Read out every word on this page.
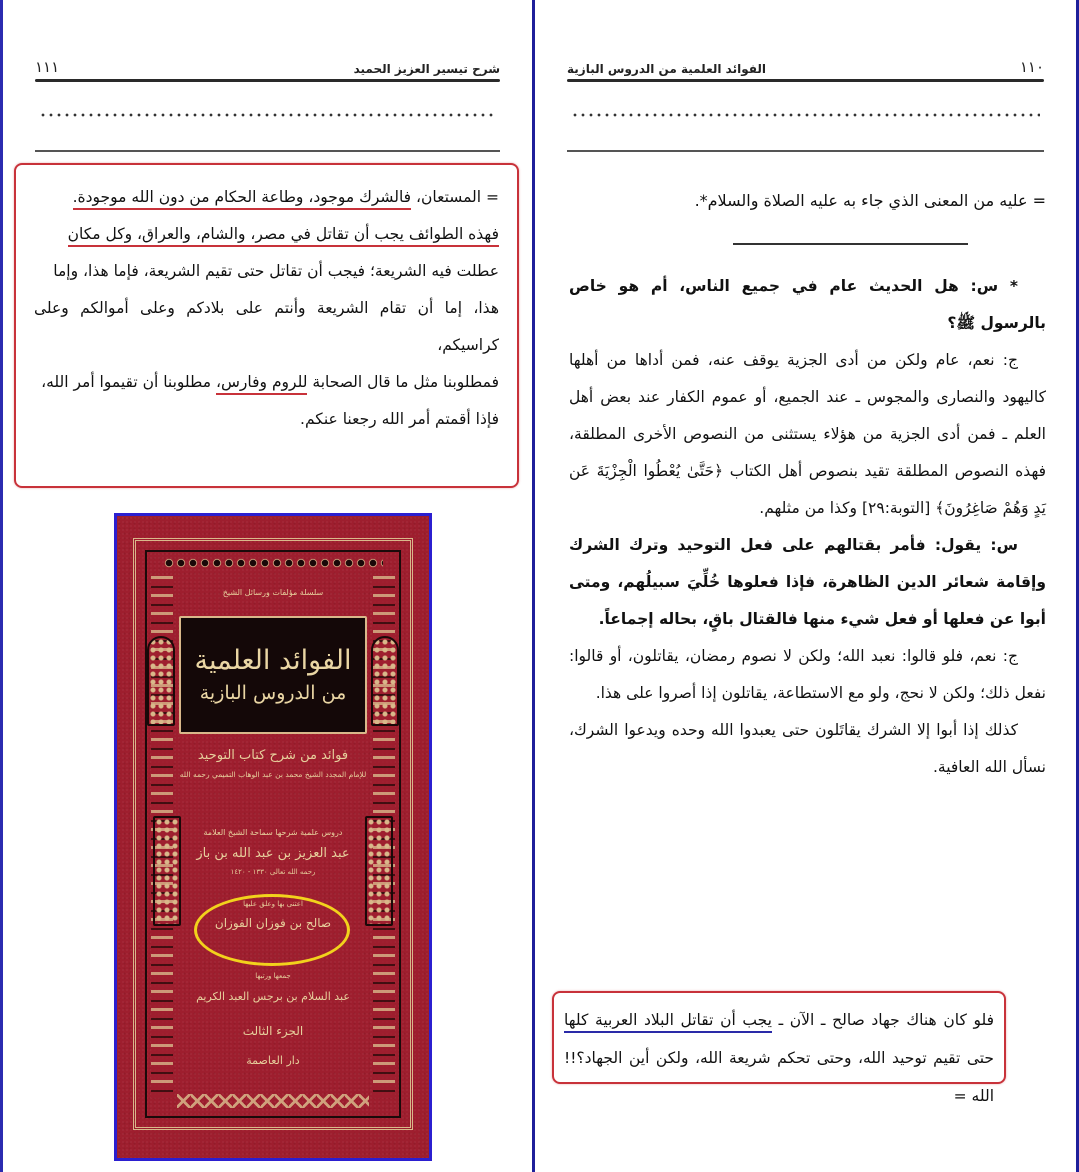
١١١	شرح تيسير العزيز الحميد

= المستعان، فالشرك موجود، وطاعة الحكام من دون الله موجودة.

فهذه الطوائف يجب أن تقاتل في مصر، والشام، والعراق، وكل مكان

عطلت فيه الشريعة؛ فيجب أن تقاتل حتى تقيم الشريعة، فإما هذا، وإما

هذا، إما أن تقام الشريعة وأنتم على بلادكم وعلى أموالكم وعلى كراسيكم،

فمطلوبنا مثل ما قال الصحابة للروم وفارس، مطلوبنا أن تقيموا أمر الله،

فإذا أقمتم أمر الله رجعنا عنكم.

سلسلة مؤلفات ورسائل الشيخ
الفوائد العلمية
من الدروس البازية
فوائد من شرح كتاب التوحيد
للإمام المجدد الشيخ محمد بن عبد الوهاب التميمي رحمه الله
دروس علمية شرحها سماحة الشيخ العلامة
عبد العزيز بن عبد الله بن باز
رحمه الله تعالى ١٣٣٠ - ١٤٢٠
اعتنى بها وعلق عليها
صالح بن فوزان الفوزان
جمعها ورتبها
عبد السلام بن برجس العبد الكريم
الجزء الثالث
دار العاصمة
الفوائد العلمية من الدروس البازية	١١٠
= عليه من المعنى الذي جاء به عليه الصلاة والسلام*.

* س: هل الحديث عام في جميع الناس، أم هو خاص بالرسول ﷺ؟

ج: نعم، عام ولكن من أدى الجزية يوقف عنه، فمن أداها من أهلها كاليهود والنصارى والمجوس ـ عند الجميع، أو عموم الكفار عند بعض أهل العلم ـ فمن أدى الجزية من هؤلاء يستثنى من النصوص الأخرى المطلقة، فهذه النصوص المطلقة تقيد بنصوص أهل الكتاب ﴿حَتَّىٰ يُعْطُوا الْجِزْيَةَ عَن يَدٍ وَهُمْ صَاغِرُونَ﴾ [التوبة:٢٩] وكذا من مثلهم.

س: يقول: فأمر بقتالهم على فعل التوحيد وترك الشرك وإقامة شعائر الدين الظاهرة، فإذا فعلوها خُلِّيَ سبيلُهم، ومتى أبوا عن فعلها أو فعل شيء منها فالقتال باقٍ، بحاله إجماعاً.

ج: نعم، فلو قالوا: نعبد الله؛ ولكن لا نصوم رمضان، يقاتلون، أو قالوا: نفعل ذلك؛ ولكن لا نحج، ولو مع الاستطاعة، يقاتلون إذا أصروا على هذا.

كذلك إذا أبوا إلا الشرك يقاتَلون حتى يعبدوا الله وحده ويدعوا الشرك، نسأل الله العافية.

فلو كان هناك جهاد صالح ـ الآن ـ يجب أن تقاتل البلاد العربية كلها حتى تقيم توحيد الله، وحتى تحكم شريعة الله، ولكن أين الجهاد؟!! الله =
